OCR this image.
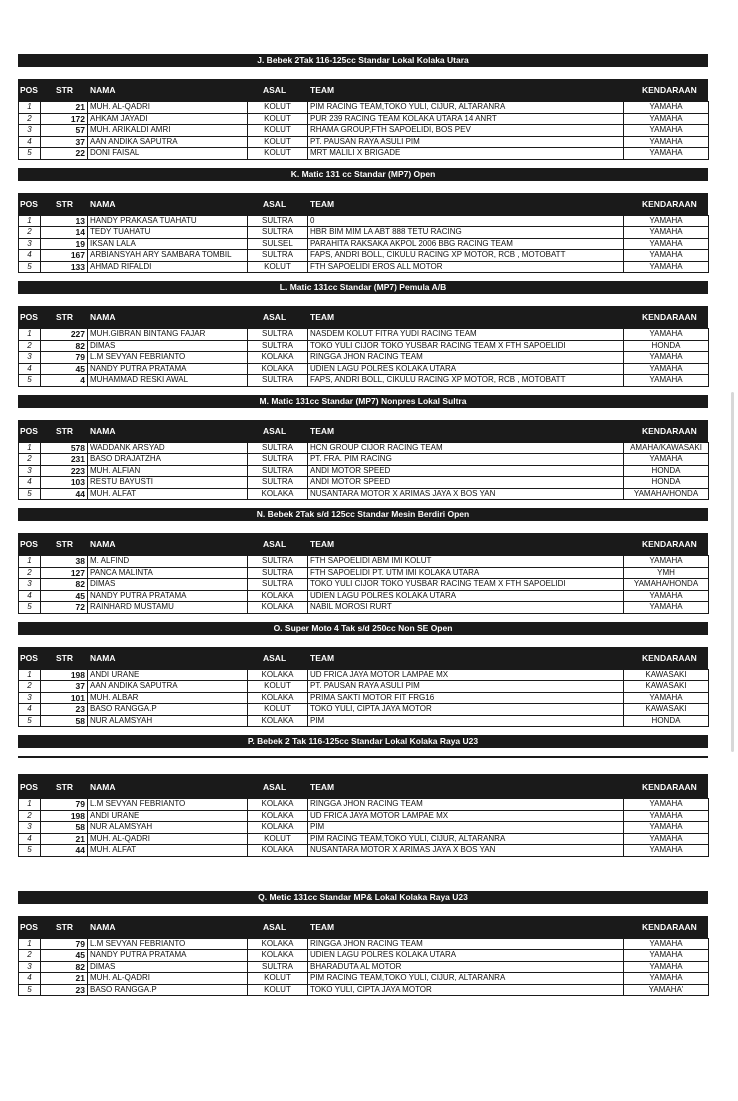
J. Bebek 2Tak 116-125cc Standar Lokal Kolaka Utara
POS STR NAMA	ASAL	TEAM	KENDARAAN
1	21	MUH. AL-QADRI	KOLUT	PIM RACING TEAM,TOKO YULI, CIJUR, ALTARANRA	YAMAHA
2	172	AHKAM JAYADI	KOLUT	PUR 239 RACING TEAM KOLAKA UTARA 14 ANRT	YAMAHA
3	57	MUH. ARIKALDI AMRI	KOLUT	RHAMA GROUP,FTH SAPOELIDI, BOS PEV	YAMAHA
4	37	AAN ANDIKA SAPUTRA	KOLUT	PT. PAUSAN RAYA ASULI PIM	YAMAHA
5	22	DONI FAISAL	KOLUT	MRT MALILI X BRIGADE	YAMAHA
K. Matic 131 cc Standar (MP7) Open
POS STR NAMA	ASAL	TEAM	KENDARAAN
1	13	HANDY PRAKASA TUAHATU	SULTRA	0	YAMAHA
2	14	TEDY TUAHATU	SULTRA	HBR BIM MIM LA ABT 888 TETU RACING	YAMAHA
3	19	IKSAN LALA	SULSEL	PARAHITA RAKSAKA AKPOL 2006 BBG RACING TEAM	YAMAHA
4	167	ARBIANSYAH ARY SAMBARA TOMBIL	SULTRA	FAPS, ANDRI BOLL, CIKULU RACING XP MOTOR, RCB , MOTOBATT	YAMAHA
5	133	AHMAD RIFALDI	KOLUT	FTH SAPOELIDI EROS ALL MOTOR	YAMAHA
L. Matic 131cc Standar (MP7) Pemula A/B
POS STR NAMA	ASAL	TEAM	KENDARAAN
1	227	MUH.GIBRAN BINTANG FAJAR	SULTRA	NASDEM KOLUT FITRA YUDI RACING TEAM	YAMAHA
2	82	DIMAS	SULTRA	TOKO YULI CIJOR TOKO YUSBAR RACING TEAM X FTH SAPOELIDI	HONDA
3	79	L.M SEVYAN FEBRIANTO	KOLAKA	RINGGA JHON RACING TEAM	YAMAHA
4	45	NANDY PUTRA PRATAMA	KOLAKA	UDIEN LAGU POLRES KOLAKA UTARA	YAMAHA
5	4	MUHAMMAD RESKI AWAL	SULTRA	FAPS, ANDRI BOLL, CIKULU RACING XP MOTOR, RCB , MOTOBATT	YAMAHA
M. Matic 131cc Standar (MP7) Nonpres Lokal Sultra
POS STR NAMA	ASAL	TEAM	KENDARAAN
1	578	WADDANK ARSYAD	SULTRA	HCN GROUP CIJOR RACING TEAM	AMAHA/KAWASAKI
2	231	BASO DRAJATZHA	SULTRA	PT. FRA. PIM RACING	YAMAHA
3	223	MUH. ALFIAN	SULTRA	ANDI MOTOR SPEED	HONDA
4	103	RESTU BAYUSTI	SULTRA	ANDI MOTOR SPEED	HONDA
5	44	MUH. ALFAT	KOLAKA	NUSANTARA MOTOR X ARIMAS JAYA X BOS YAN	YAMAHA/HONDA
N. Bebek 2Tak s/d 125cc Standar Mesin Berdiri Open
POS STR NAMA	ASAL	TEAM	KENDARAAN
1	38	M. ALFIND	SULTRA	FTH SAPOELIDI ABM IMI KOLUT	YAMAHA
2	127	PANCA MALINTA	SULTRA	FTH SAPOELIDI PT. UTM IMI KOLAKA UTARA	YMH
3	82	DIMAS	SULTRA	TOKO YULI CIJOR TOKO YUSBAR RACING TEAM X FTH SAPOELIDI	YAMAHA/HONDA
4	45	NANDY PUTRA PRATAMA	KOLAKA	UDIEN LAGU POLRES KOLAKA UTARA	YAMAHA
5	72	RAINHARD MUSTAMU	KOLAKA	NABIL MOROSI RURT	YAMAHA
O. Super Moto 4 Tak s/d 250cc Non SE Open
POS STR NAMA	ASAL	TEAM	KENDARAAN
1	198	ANDI URANE	KOLAKA	UD FRICA JAYA MOTOR LAMPAE MX	KAWASAKI
2	37	AAN ANDIKA SAPUTRA	KOLUT	PT. PAUSAN RAYA ASULI PIM	KAWASAKI
3	101	MUH. ALBAR	KOLAKA	PRIMA SAKTI MOTOR FIT FRG16	YAMAHA
4	23	BASO RANGGA.P	KOLUT	TOKO YULI, CIPTA JAYA MOTOR	KAWASAKI
5	58	NUR ALAMSYAH	KOLAKA	PIM	HONDA
P. Bebek 2 Tak 116-125cc Standar Lokal Kolaka Raya U23
POS STR NAMA	ASAL	TEAM	KENDARAAN
1	79	L.M SEVYAN FEBRIANTO	KOLAKA	RINGGA JHON RACING TEAM	YAMAHA
2	198	ANDI URANE	KOLAKA	UD FRICA JAYA MOTOR LAMPAE MX	YAMAHA
3	58	NUR ALAMSYAH	KOLAKA	PIM	YAMAHA
4	21	MUH. AL-QADRI	KOLUT	PIM RACING TEAM,TOKO YULI, CIJUR, ALTARANRA	YAMAHA
5	44	MUH. ALFAT	KOLAKA	NUSANTARA MOTOR X ARIMAS JAYA X BOS YAN	YAMAHA
Q. Metic 131cc Standar MP& Lokal Kolaka Raya U23
POS STR NAMA	ASAL	TEAM	KENDARAAN
1	79	L.M SEVYAN FEBRIANTO	KOLAKA	RINGGA JHON RACING TEAM	YAMAHA
2	45	NANDY PUTRA PRATAMA	KOLAKA	UDIEN LAGU POLRES KOLAKA UTARA	YAMAHA
3	82	DIMAS	SULTRA	BHARADUTA AL MOTOR	YAMAHA
4	21	MUH. AL-QADRI	KOLUT	PIM RACING TEAM,TOKO YULI, CIJUR, ALTARANRA	YAMAHA
5	23	BASO RANGGA.P	KOLUT	TOKO YULI, CIPTA JAYA MOTOR	YAMAHA'
